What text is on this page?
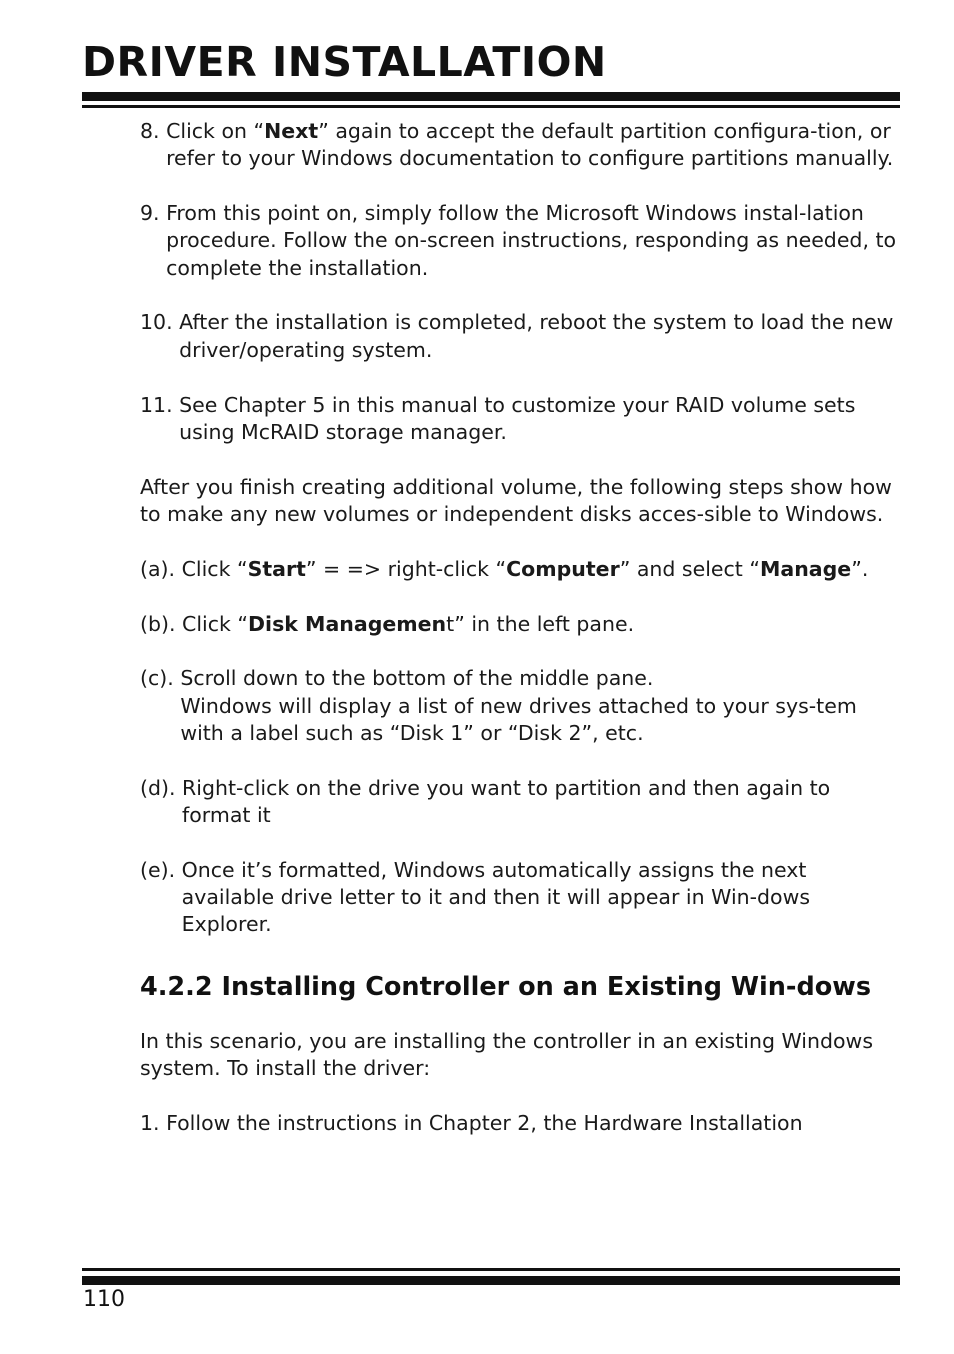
DRIVER INSTALLATION
8. Click on “Next” again to accept the default partition configura-tion, or refer to your Windows documentation to configure partitions manually.
9. From this point on, simply follow the Microsoft Windows instal-lation procedure. Follow the on-screen instructions, responding as needed, to complete the installation.
10. After the installation is completed, reboot the system to load the new driver/operating system.
11. See Chapter 5 in this manual to customize your RAID volume sets using McRAID storage manager.

After you finish creating additional volume, the following steps show how to make any new volumes or independent disks acces-sible to Windows.

(a). Click “Start” = => right-click “Computer” and select “Manage”.
(b). Click “Disk Management” in the left pane.
(c). Scroll down to the bottom of the middle pane.
Windows will display a list of new drives attached to your sys-tem with a label such as “Disk 1” or “Disk 2”, etc.
(d). Right-click on the drive you want to partition and then again to format it
(e). Once it’s formatted, Windows automatically assigns the next available drive letter to it and then it will appear in Win-dows Explorer.
4.2.2 Installing Controller on an Existing Win-dows

In this scenario, you are installing the controller in an existing Windows system. To install the driver:

1. Follow the instructions in Chapter 2, the Hardware Installation
110
